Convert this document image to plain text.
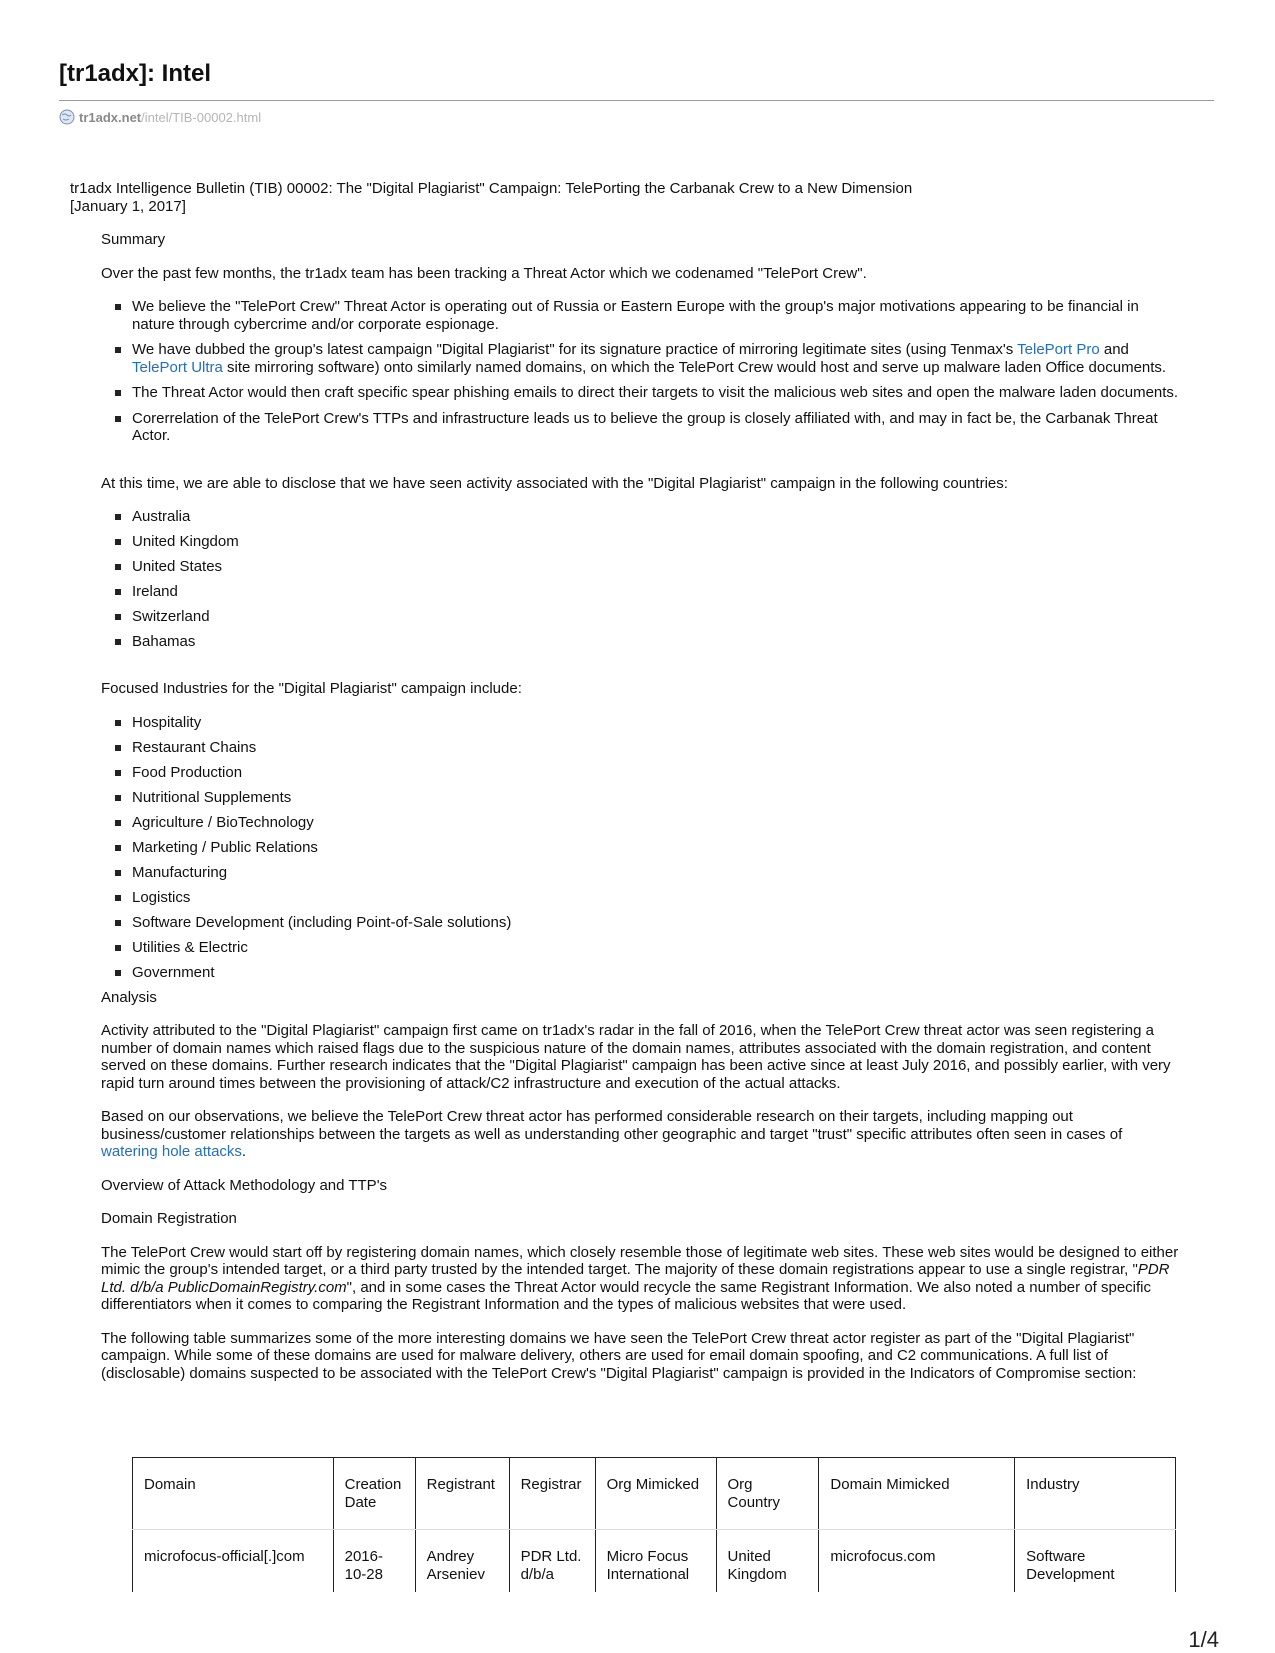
[tr1adx]: Intel
tr1adx.net/intel/TIB-00002.html

tr1adx Intelligence Bulletin (TIB) 00002: The "Digital Plagiarist" Campaign: TelePorting the Carbanak Crew to a New Dimension

[January 1, 2017]

Summary

Over the past few months, the tr1adx team has been tracking a Threat Actor which we codenamed "TelePort Crew".

We believe the "TelePort Crew" Threat Actor is operating out of Russia or Eastern Europe with the group's major motivations appearing to be financial in nature through cybercrime and/or corporate espionage.
We have dubbed the group's latest campaign "Digital Plagiarist" for its signature practice of mirroring legitimate sites (using Tenmax's TelePort Pro and
TelePort Ultra site mirroring software) onto similarly named domains, on which the TelePort Crew would host and serve up malware laden Office documents.
The Threat Actor would then craft specific spear phishing emails to direct their targets to visit the malicious web sites and open the malware laden documents.
Corerrelation of the TelePort Crew's TTPs and infrastructure leads us to believe the group is closely affiliated with, and may in fact be, the Carbanak Threat Actor.

At this time, we are able to disclose that we have seen activity associated with the "Digital Plagiarist" campaign in the following countries:

Australia
United Kingdom
United States
Ireland
Switzerland
Bahamas

Focused Industries for the "Digital Plagiarist" campaign include:

Hospitality
Restaurant Chains
Food Production
Nutritional Supplements
Agriculture / BioTechnology
Marketing / Public Relations
Manufacturing
Logistics
Software Development (including Point-of-Sale solutions)
Utilities & Electric
Government

Analysis

Activity attributed to the "Digital Plagiarist" campaign first came on tr1adx's radar in the fall of 2016, when the TelePort Crew threat actor was seen registering a number of domain names which raised flags due to the suspicious nature of the domain names, attributes associated with the domain registration, and content served on these domains. Further research indicates that the "Digital Plagiarist" campaign has been active since at least July 2016, and possibly earlier, with very rapid turn around times between the provisioning of attack/C2 infrastructure and execution of the actual attacks.

Based on our observations, we believe the TelePort Crew threat actor has performed considerable research on their targets, including mapping out business/customer relationships between the targets as well as understanding other geographic and target "trust" specific attributes often seen in cases of watering hole attacks.

Overview of Attack Methodology and TTP's

Domain Registration

The TelePort Crew would start off by registering domain names, which closely resemble those of legitimate web sites. These web sites would be designed to either mimic the group's intended target, or a third party trusted by the intended target. The majority of these domain registrations appear to use a single registrar, "PDR Ltd. d/b/a PublicDomainRegistry.com", and in some cases the Threat Actor would recycle the same Registrant Information. We also noted a number of specific differentiators when it comes to comparing the Registrant Information and the types of malicious websites that were used.

The following table summarizes some of the more interesting domains we have seen the TelePort Crew threat actor register as part of the "Digital Plagiarist" campaign. While some of these domains are used for malware delivery, others are used for email domain spoofing, and C2 communications. A full list of (disclosable) domains suspected to be associated with the TelePort Crew's "Digital Plagiarist" campaign is provided in the Indicators of Compromise section:

Domain	Creation Date	Registrant	Registrar	Org Mimicked	Org Country	Domain Mimicked	Industry
microfocus-official[.]com	2016-10-28	Andrey Arseniev	PDR Ltd. d/b/a	Micro Focus International	United Kingdom	microfocus.com	Software Development

1/4
